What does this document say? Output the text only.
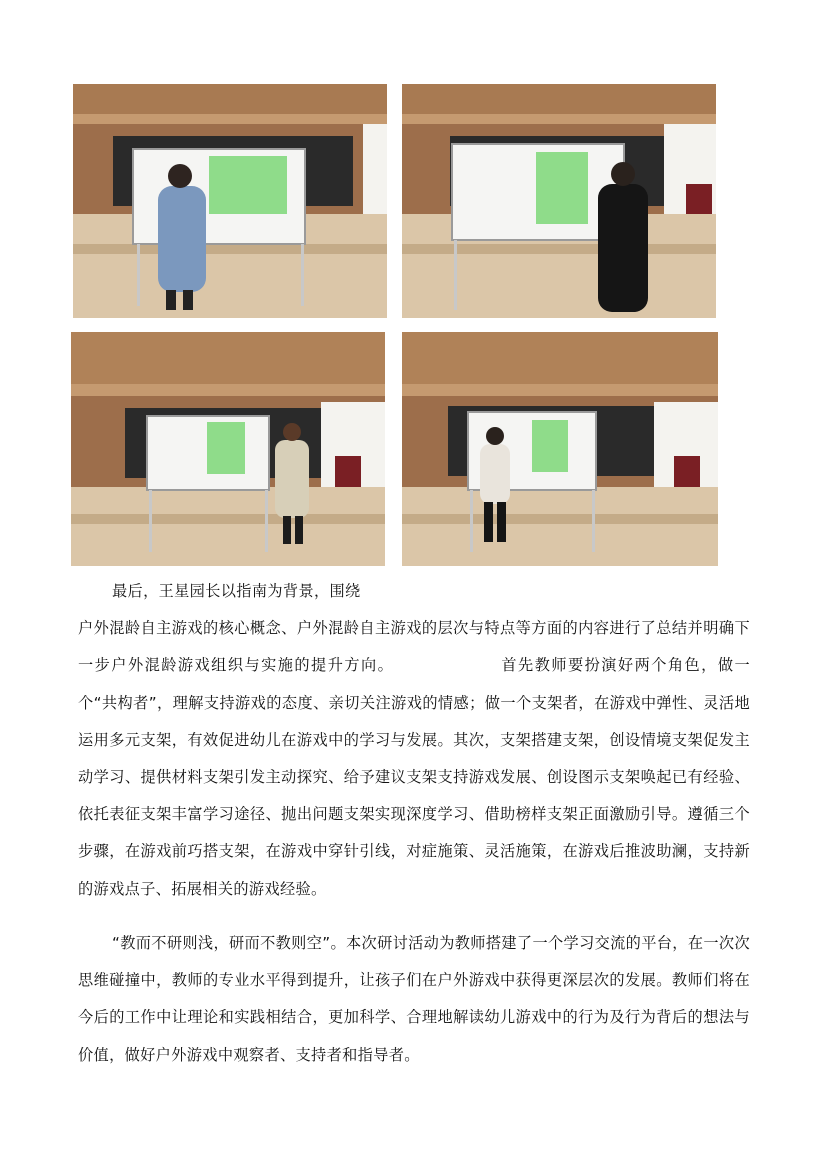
最后，王星园长以指南为背景，围绕
户外混龄自主游戏的核心概念、户外混龄自主游戏的层次与特点等方面的内容进行了总结并明确下一步户外混龄游戏组织与实施的提升方向。	首先教师要扮演好两个角色，做一个“共构者”，理解支持游戏的态度、亲切关注游戏的情感；做一个支架者，在游戏中弹性、灵活地运用多元支架，有效促进幼儿在游戏中的学习与发展。其次，支架搭建支架，创设情境支架促发主动学习、提供材料支架引发主动探究、给予建议支架支持游戏发展、创设图示支架唤起已有经验、依托表征支架丰富学习途径、抛出问题支架实现深度学习、借助榜样支架正面激励引导。遵循三个步骤，在游戏前巧搭支架，在游戏中穿针引线，对症施策、灵活施策，在游戏后推波助澜，支持新的游戏点子、拓展相关的游戏经验。
“教而不研则浅，研而不教则空”。本次研讨活动为教师搭建了一个学习交流的平台，在一次次思维碰撞中，教师的专业水平得到提升，让孩子们在户外游戏中获得更深层次的发展。教师们将在今后的工作中让理论和实践相结合，更加科学、合理地解读幼儿游戏中的行为及行为背后的想法与价值，做好户外游戏中观察者、支持者和指导者。
